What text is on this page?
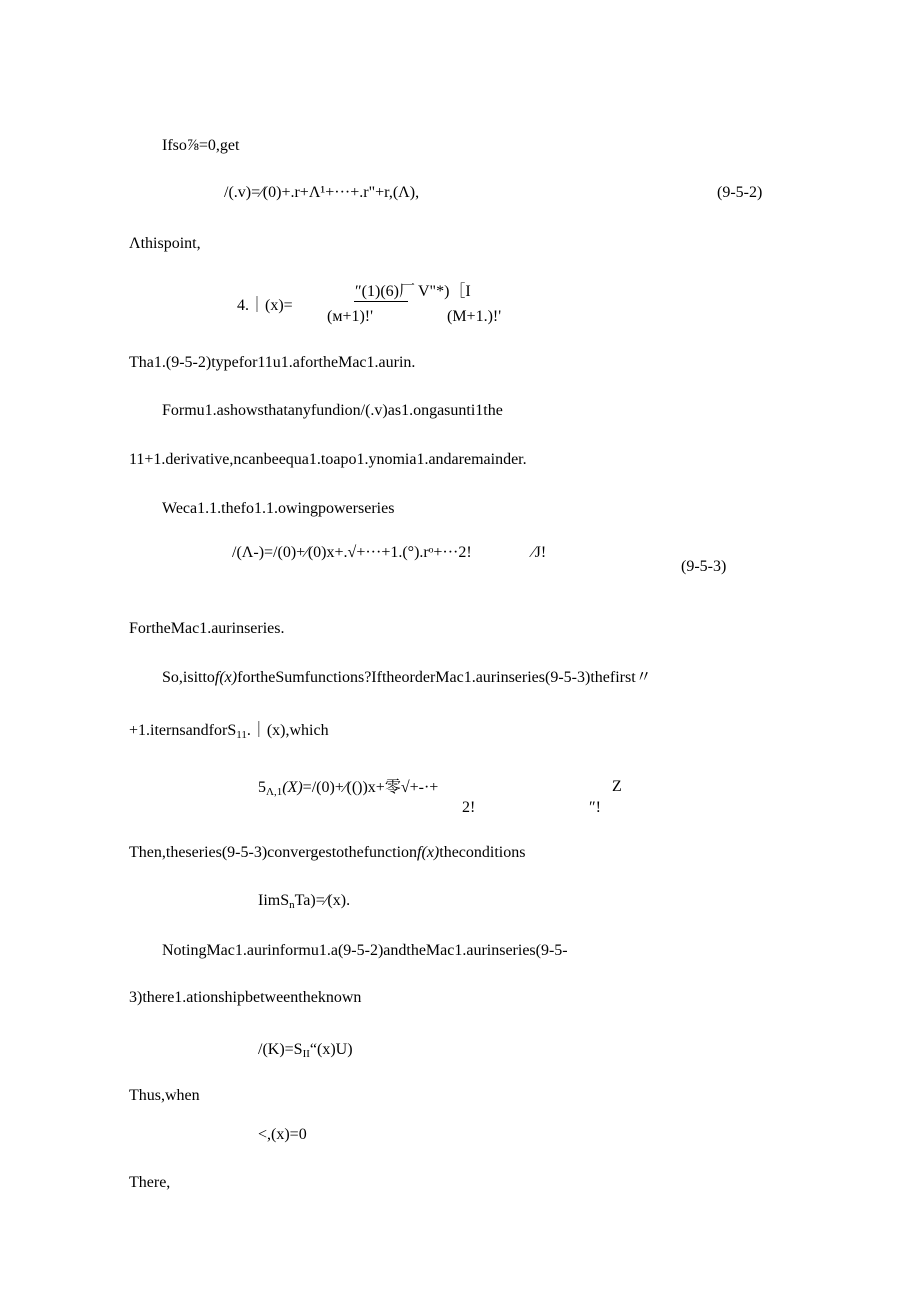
Ifso⅞=0,get
/(.v)=⁄(0)+.r+Λ¹+···+.r"+r,(Λ),	(9-5-2)
Λthispoint,
4.｜(x)=
″(1)(6)厂
(ᴍ+1)!'
V"*)［I
(M+1.)!'
Tha1.(9-5-2)typefor11u1.afortheMac1.aurin.
Formu1.ashowsthatanyfundion/(.v)as1.ongasunti1the
11+1.derivative,ncanbeequa1.toapo1.ynomia1.andaremainder.
Weca1.1.thefo1.1.owingpowerseries
/(Λ-)=/(0)+⁄(0)x+.√+···+1.(°).rᵒ+···2!	⁄J!
(9-5-3)
FortheMac1.aurinseries.
So,isittof(x)fortheSumfunctions?IftheorderMac1.aurinseries(9-5-3)thefirst〃
+1.iternsandforS$_{11}$.｜(x),which
$5_{\Lambda,1}(X)=/(0)+⁄(())x+$零√+-·+	Z
2!	″!
Then,theseries(9-5-3)convergestothefunctionf(x)theconditions
IimS$_n$Ta)=⁄(x).
NotingMac1.aurinformu1.a(9-5-2)andtheMac1.aurinseries(9-5-
3)there1.ationshipbetweentheknown
$/(K)=S_{II}“(x)U$)
Thus,when
<,(x)=0
There,
